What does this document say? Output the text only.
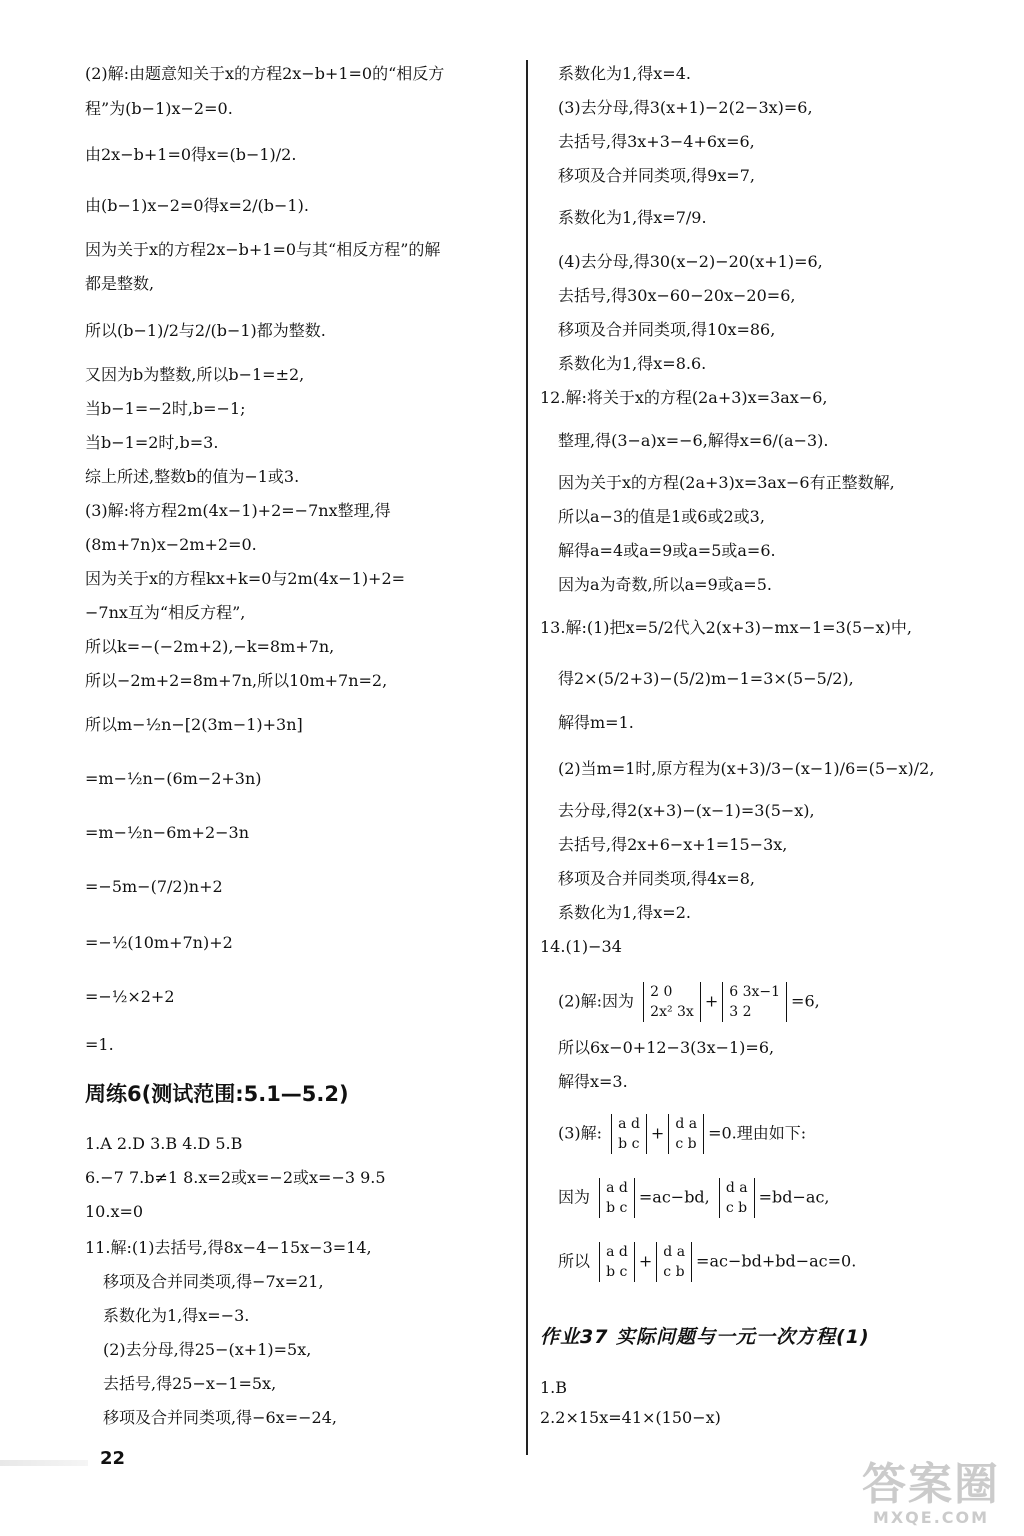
(2)解:由题意知关于x的方程2x−b+1=0的“相反方
程”为(b−1)x−2=0.
由2x−b+1=0得x=(b−1)/2.
由(b−1)x−2=0得x=2/(b−1).
因为关于x的方程2x−b+1=0与其“相反方程”的解
都是整数,
所以(b−1)/2与2/(b−1)都为整数.
又因为b为整数,所以b−1=±2,
当b−1=−2时,b=−1;
当b−1=2时,b=3.
综上所述,整数b的值为−1或3.
(3)解:将方程2m(4x−1)+2=−7nx整理,得
(8m+7n)x−2m+2=0.
因为关于x的方程kx+k=0与2m(4x−1)+2=
−7nx互为“相反方程”,
所以k=−(−2m+2),−k=8m+7n,
所以−2m+2=8m+7n,所以10m+7n=2,
所以m−½n−[2(3m−1)+3n]
=m−½n−(6m−2+3n)
=m−½n−6m+2−3n
=−5m−(7/2)n+2
=−½(10m+7n)+2
=−½×2+2
=1.
1.A 2.D 3.B 4.D 5.B
6.−7 7.b≠1 8.x=2或x=−2或x=−3 9.5
10.x=0
11.解:(1)去括号,得8x−4−15x−3=14,
移项及合并同类项,得−7x=21,
系数化为1,得x=−3.
(2)去分母,得25−(x+1)=5x,
去括号,得25−x−1=5x,
移项及合并同类项,得−6x=−24,
(2)解:因为 2 0
2x² 3x
+ 6 3x−1
3 2
=6,
(3)解: a d
b c
+ d a
c b
=0.理由如下:
因为 a d
b c
=ac−bd, d a
c b
=bd−ac,
所以 a d
b c
+ d a
c b
=ac−bd+bd−ac=0.
系数化为1,得x=4.
(3)去分母,得3(x+1)−2(2−3x)=6,
去括号,得3x+3−4+6x=6,
移项及合并同类项,得9x=7,
系数化为1,得x=7/9.
(4)去分母,得30(x−2)−20(x+1)=6,
去括号,得30x−60−20x−20=6,
移项及合并同类项,得10x=86,
系数化为1,得x=8.6.
12.解:将关于x的方程(2a+3)x=3ax−6,
整理,得(3−a)x=−6,解得x=6/(a−3).
因为关于x的方程(2a+3)x=3ax−6有正整数解,
所以a−3的值是1或6或2或3,
解得a=4或a=9或a=5或a=6.
因为a为奇数,所以a=9或a=5.
13.解:(1)把x=5/2代入2(x+3)−mx−1=3(5−x)中,
得2×(5/2+3)−(5/2)m−1=3×(5−5/2),
解得m=1.
(2)当m=1时,原方程为(x+3)/3−(x−1)/6=(5−x)/2,
去分母,得2(x+3)−(x−1)=3(5−x),
去括号,得2x+6−x+1=15−3x,
移项及合并同类项,得4x=8,
系数化为1,得x=2.
14.(1)−34
所以6x−0+12−3(3x−1)=6,
解得x=3.
1.B
2.2×15x=41×(150−x)
周练6(测试范围:5.1—5.2)
作业37 实际问题与一元一次方程(1)
22
答案圈
MXQE.COM
